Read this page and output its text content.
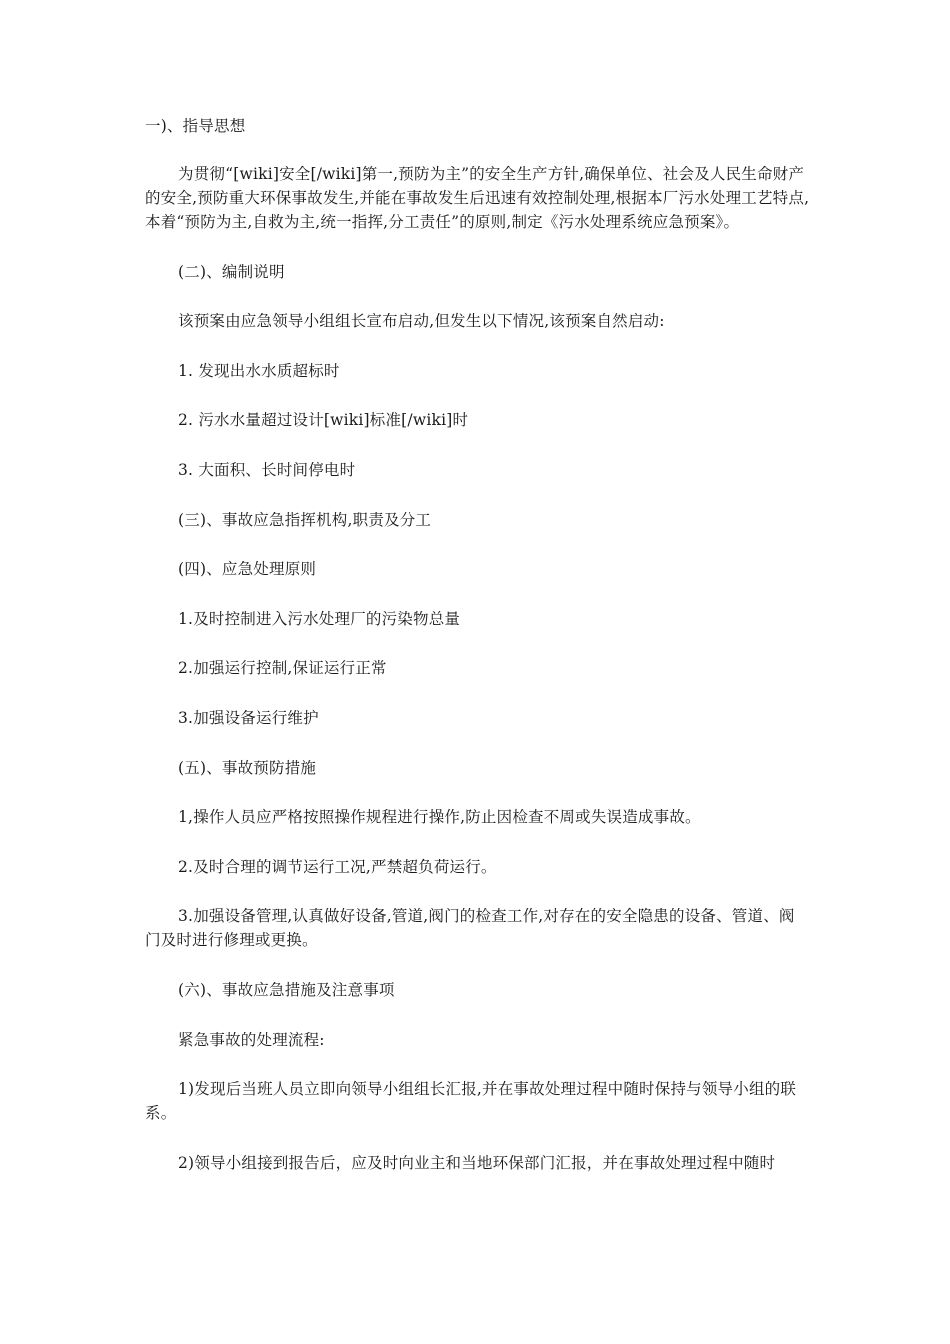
一)、指导思想

为贯彻“[wiki]安全[/wiki]第一,预防为主”的安全生产方针,确保单位、社会及人民生命财产的安全,预防重大环保事故发生,并能在事故发生后迅速有效控制处理,根据本厂污水处理工艺特点,本着“预防为主,自救为主,统一指挥,分工责任”的原则,制定《污水处理系统应急预案》。

(二)、编制说明

该预案由应急领导小组组长宣布启动,但发生以下情况,该预案自然启动:

1. 发现出水水质超标时

2. 污水水量超过设计[wiki]标准[/wiki]时

3. 大面积、长时间停电时

(三)、事故应急指挥机构,职责及分工

(四)、应急处理原则

1.及时控制进入污水处理厂的污染物总量

2.加强运行控制,保证运行正常

3.加强设备运行维护

(五)、事故预防措施

1,操作人员应严格按照操作规程进行操作,防止因检查不周或失误造成事故。

2.及时合理的调节运行工况,严禁超负荷运行。

3.加强设备管理,认真做好设备,管道,阀门的检查工作,对存在的安全隐患的设备、管道、阀门及时进行修理或更换。

(六)、事故应急措施及注意事项

紧急事故的处理流程:

1)发现后当班人员立即向领导小组组长汇报,并在事故处理过程中随时保持与领导小组的联系。

2)领导小组接到报告后，应及时向业主和当地环保部门汇报，并在事故处理过程中随时
